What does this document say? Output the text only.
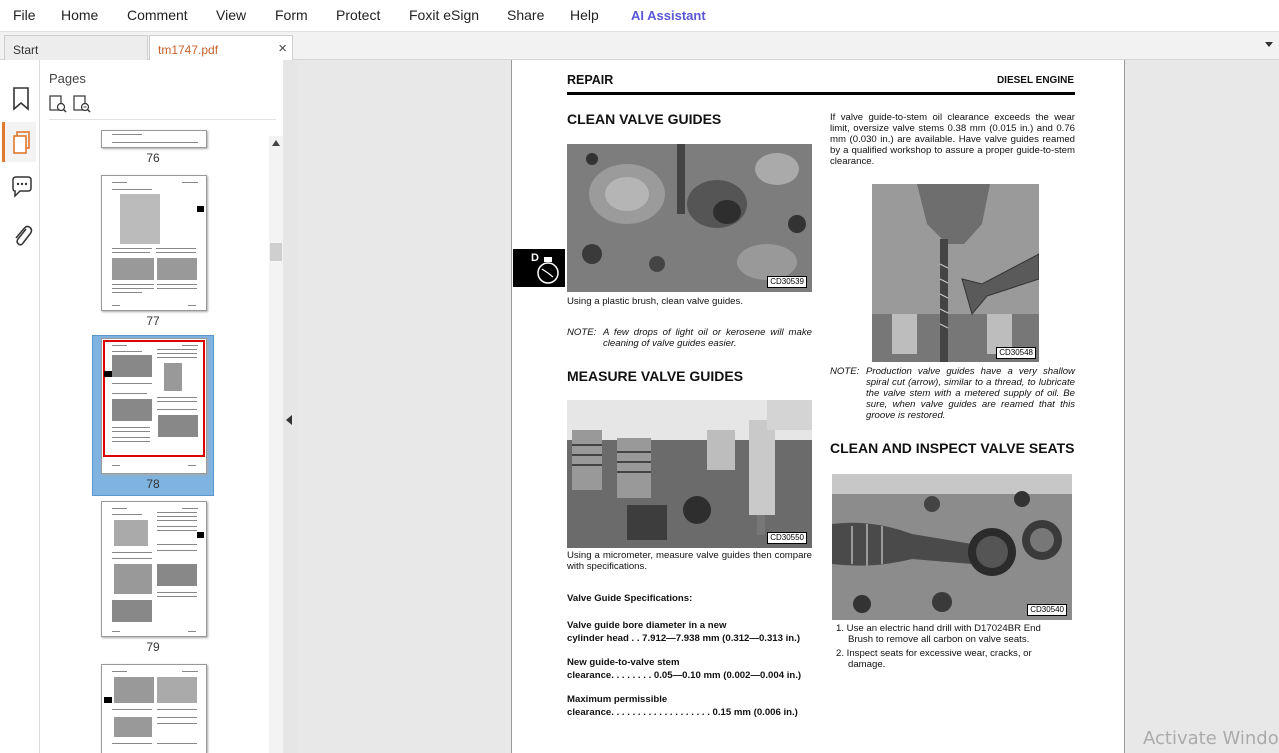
File Home Comment View Form Protect Foxit eSign Share Help AI Assistant
Start	tm1747.pdf	×
Pages
76
77
78
79
REPAIR	DIESEL ENGINE
CLEAN VALVE GUIDES
CD30539
Using a plastic brush, clean valve guides.
NOTE: A few drops of light oil or kerosene will make cleaning of valve guides easier.
MEASURE VALVE GUIDES
CD30550
Using a micrometer, measure valve guides then compare with specifications.
Valve Guide Specifications:
Valve guide bore diameter in a new
cylinder head . . 7.912—7.938 mm (0.312—0.313 in.)
New guide-to-valve stem
clearance. . . . . . . . 0.05—0.10 mm (0.002—0.004 in.)
Maximum permissible
clearance. . . . . . . . . . . . . . . . . . . 0.15 mm (0.006 in.)
If valve guide-to-stem oil clearance exceeds the wear limit, oversize valve stems 0.38 mm (0.015 in.) and 0.76 mm (0.030 in.) are available. Have valve guides reamed by a qualified workshop to assure a proper guide-to-stem clearance.
CD30548
NOTE: Production valve guides have a very shallow spiral cut (arrow), similar to a thread, to lubricate the valve stem with a metered supply of oil. Be sure, when valve guides are reamed that this groove is restored.
CLEAN AND INSPECT VALVE SEATS
CD30540
1. Use an electric hand drill with D17024BR End Brush to remove all carbon on valve seats.
2. Inspect seats for excessive wear, cracks, or damage.
D
Activate Windo
